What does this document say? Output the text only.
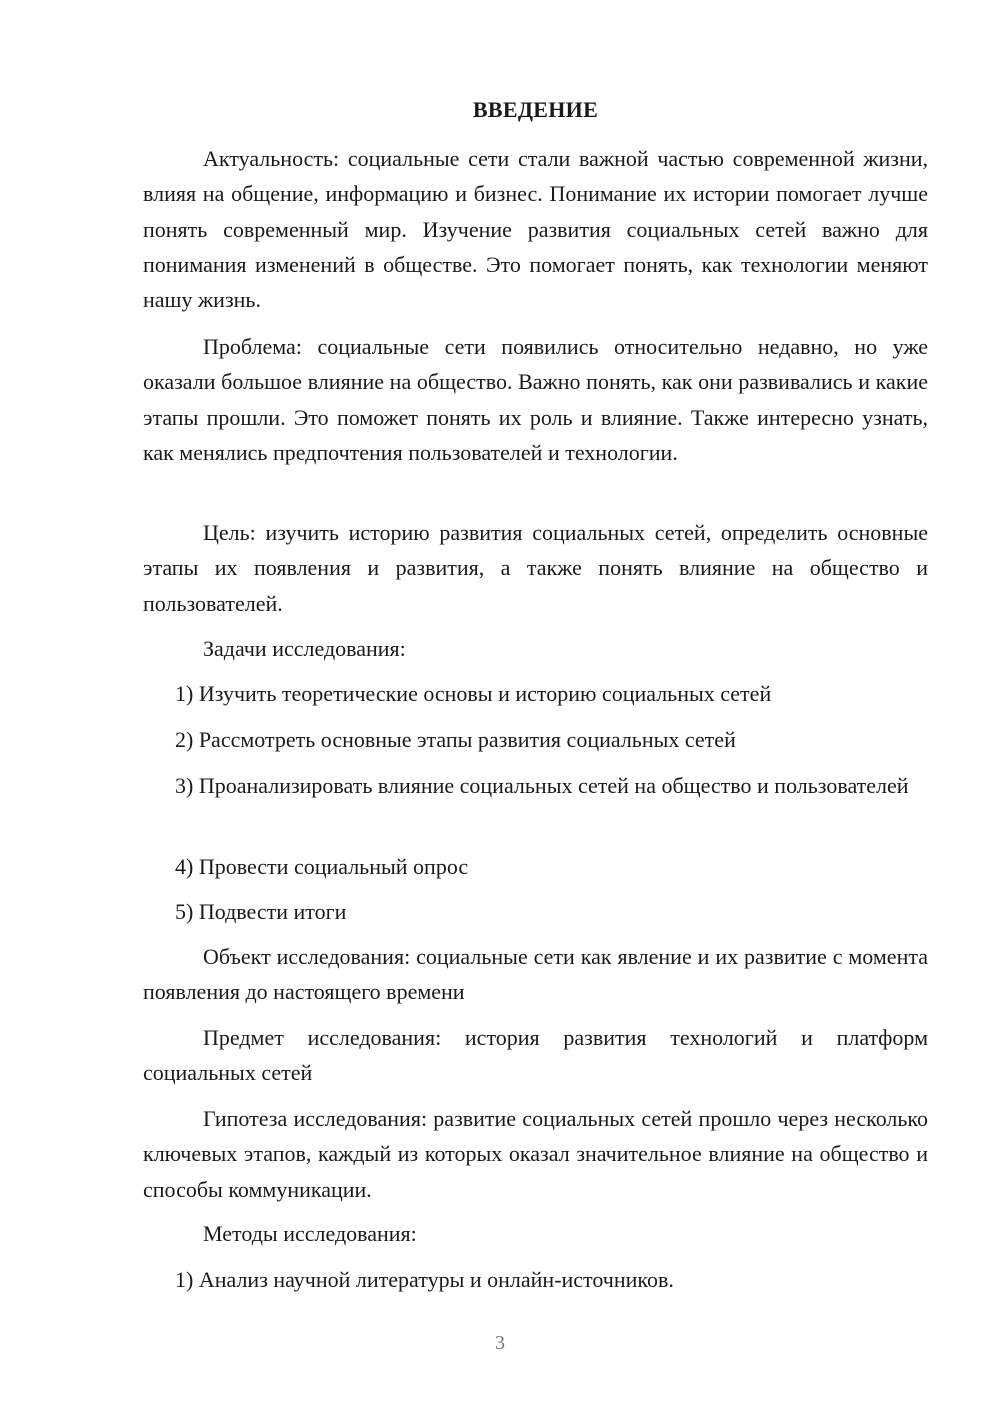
ВВЕДЕНИЕ

Актуальность: социальные сети стали важной частью современной жизни, влияя на общение, информацию и бизнес. Понимание их истории помогает лучше понять современный мир. Изучение развития социальных сетей важно для понимания изменений в обществе. Это помогает понять, как технологии меняют нашу жизнь.

Проблема: социальные сети появились относительно недавно, но уже оказали большое влияние на общество. Важно понять, как они развивались и какие этапы прошли. Это поможет понять их роль и влияние. Также интересно узнать, как менялись предпочтения пользователей и технологии.

Цель: изучить историю развития социальных сетей, определить основные этапы их появления и развития, а также понять влияние на общество и пользователей.

Задачи исследования:

1) Изучить теоретические основы и историю социальных сетей

2) Рассмотреть основные этапы развития социальных сетей

3) Проанализировать влияние социальных сетей на общество и пользователей

4) Провести социальный опрос

5) Подвести итоги

Объект исследования: социальные сети как явление и их развитие с момента появления до настоящего времени

Предмет исследования: история развития технологий и платформ социальных сетей

Гипотеза исследования: развитие социальных сетей прошло через несколько ключевых этапов, каждый из которых оказал значительное влияние на общество и способы коммуникации.

Методы исследования:

1) Анализ научной литературы и онлайн-источников.

3
